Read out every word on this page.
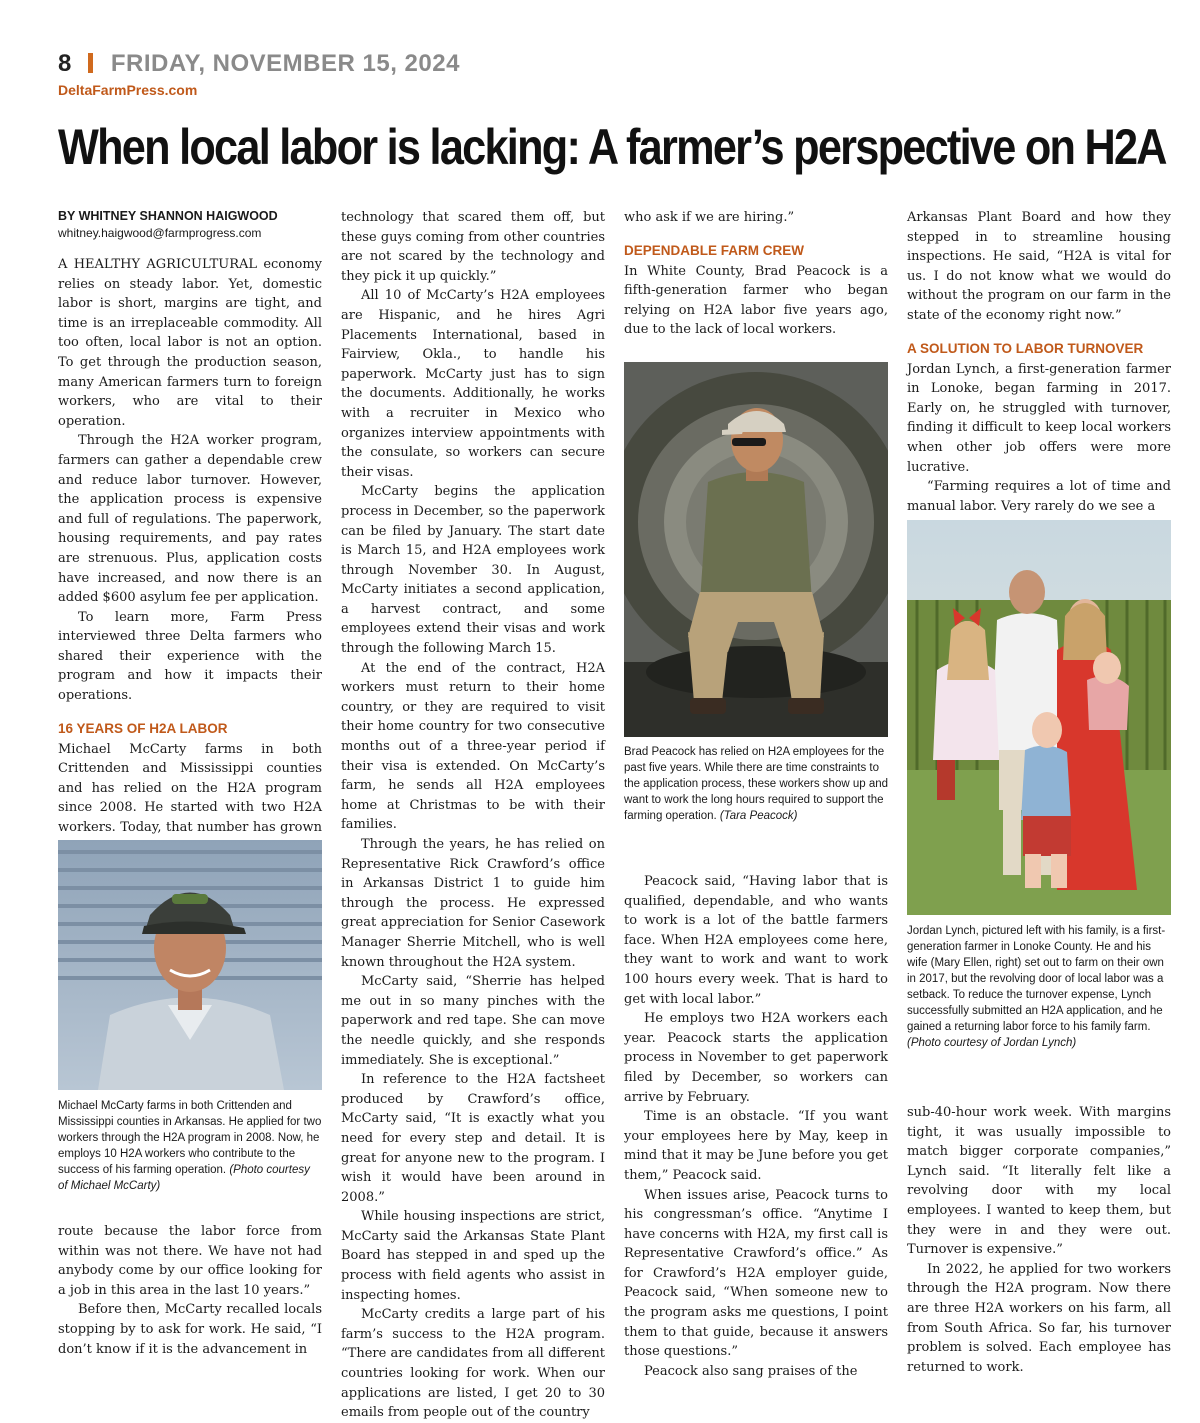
8 FRIDAY, NOVEMBER 15, 2024
DeltaFarmPress.com
When local labor is lacking: A farmer’s perspective on H2A
BY WHITNEY SHANNON HAIGWOOD
whitney.haigwood@farmprogress.com

A HEALTHY AGRICULTURAL economy relies on steady labor. Yet, domestic labor is short, margins are tight, and time is an irreplaceable commodity. All too often, local labor is not an option. To get through the production season, many American farmers turn to foreign workers, who are vital to their operation.

Through the H2A worker program, farmers can gather a dependable crew and reduce labor turnover. However, the application process is expensive and full of regulations. The paperwork, housing requirements, and pay rates are strenuous. Plus, application costs have increased, and now there is an added $600 asylum fee per application.

To learn more, Farm Press interviewed three Delta farmers who shared their experience with the program and how it impacts their operations.

16 YEARS OF H2A LABOR

Michael McCarty farms in both Crittenden and Mississippi counties and has relied on the H2A program since 2008. He started with two H2A workers. Today, that number has grown

Michael McCarty farms in both Crittenden and Mississippi counties in Arkansas. He applied for two workers through the H2A program in 2008. Now, he employs 10 H2A workers who contribute to the success of his farming operation. (Photo courtesy of Michael McCarty)

route because the labor force from within was not there. We have not had anybody come by our office looking for a job in this area in the last 10 years.”

Before then, McCarty recalled locals stopping by to ask for work. He said, “I don’t know if it is the advancement in

technology that scared them off, but these guys coming from other countries are not scared by the technology and they pick it up quickly.”

All 10 of McCarty’s H2A employees are Hispanic, and he hires Agri Placements International, based in Fairview, Okla., to handle his paperwork. McCarty just has to sign the documents. Additionally, he works with a recruiter in Mexico who organizes interview appointments with the consulate, so workers can secure their visas.

McCarty begins the application process in December, so the paperwork can be filed by January. The start date is March 15, and H2A employees work through November 30. In August, McCarty initiates a second application, a harvest contract, and some employees extend their visas and work through the following March 15.

At the end of the contract, H2A workers must return to their home country, or they are required to visit their home country for two consecutive months out of a three-year period if their visa is extended. On McCarty’s farm, he sends all H2A employees home at Christmas to be with their families.

Through the years, he has relied on Representative Rick Crawford’s office in Arkansas District 1 to guide him through the process. He expressed great appreciation for Senior Casework Manager Sherrie Mitchell, who is well known throughout the H2A system.

McCarty said, “Sherrie has helped me out in so many pinches with the paperwork and red tape. She can move the needle quickly, and she responds immediately. She is exceptional.”

In reference to the H2A factsheet produced by Crawford’s office, McCarty said, “It is exactly what you need for every step and detail. It is great for anyone new to the program. I wish it would have been around in 2008.”

While housing inspections are strict, McCarty said the Arkansas State Plant Board has stepped in and sped up the process with field agents who assist in inspecting homes.

McCarty credits a large part of his farm’s success to the H2A program. “There are candidates from all different countries looking for work. When our applications are listed, I get 20 to 30 emails from people out of the country

who ask if we are hiring.”

DEPENDABLE FARM CREW

In White County, Brad Peacock is a fifth-generation farmer who began relying on H2A labor five years ago, due to the lack of local workers.

Brad Peacock has relied on H2A employees for the past five years. While there are time constraints to the application process, these workers show up and want to work the long hours required to support the farming operation. (Tara Peacock)

Peacock said, “Having labor that is qualified, dependable, and who wants to work is a lot of the battle farmers face. When H2A employees come here, they want to work and want to work 100 hours every week. That is hard to get with local labor.”

He employs two H2A workers each year. Peacock starts the application process in November to get paperwork filed by December, so workers can arrive by February.

Time is an obstacle. “If you want your employees here by May, keep in mind that it may be June before you get them,” Peacock said.

When issues arise, Peacock turns to his congressman’s office. “Anytime I have concerns with H2A, my first call is Representative Crawford’s office.” As for Crawford’s H2A employer guide, Peacock said, “When someone new to the program asks me questions, I point them to that guide, because it answers those questions.”

Peacock also sang praises of the

Arkansas Plant Board and how they stepped in to streamline housing inspections. He said, “H2A is vital for us. I do not know what we would do without the program on our farm in the state of the economy right now.”

A SOLUTION TO LABOR TURNOVER

Jordan Lynch, a first-generation farmer in Lonoke, began farming in 2017. Early on, he struggled with turnover, finding it difficult to keep local workers when other job offers were more lucrative.

“Farming requires a lot of time and manual labor. Very rarely do we see a

Jordan Lynch, pictured left with his family, is a first-generation farmer in Lonoke County. He and his wife (Mary Ellen, right) set out to farm on their own in 2017, but the revolving door of local labor was a setback. To reduce the turnover expense, Lynch successfully submitted an H2A application, and he gained a returning labor force to his family farm. (Photo courtesy of Jordan Lynch)

sub-40-hour work week. With margins tight, it was usually impossible to match bigger corporate companies,” Lynch said. “It literally felt like a revolving door with my local employees. I wanted to keep them, but they were in and they were out. Turnover is expensive.”

In 2022, he applied for two workers through the H2A program. Now there are three H2A workers on his farm, all from South Africa. So far, his turnover problem is solved. Each employee has returned to work.
